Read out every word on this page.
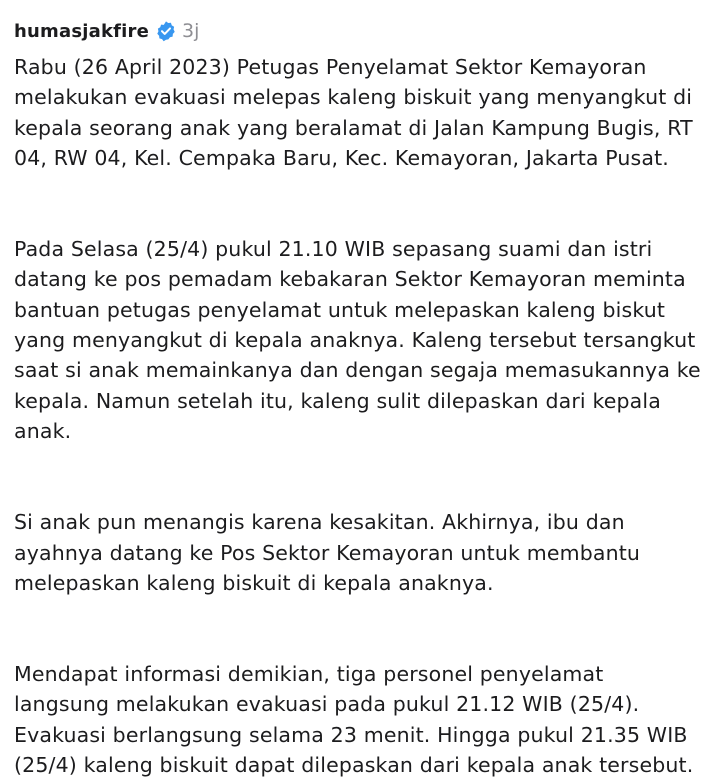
humasjakfire 3j

Rabu (26 April 2023) Petugas Penyelamat Sektor Kemayoran melakukan evakuasi melepas kaleng biskuit yang menyangkut di kepala seorang anak yang beralamat di Jalan Kampung Bugis, RT 04, RW 04, Kel. Cempaka Baru, Kec. Kemayoran, Jakarta Pusat.

Pada Selasa (25/4) pukul 21.10 WIB sepasang suami dan istri datang ke pos pemadam kebakaran Sektor Kemayoran meminta bantuan petugas penyelamat untuk melepaskan kaleng biskut yang menyangkut di kepala anaknya. Kaleng tersebut tersangkut saat si anak memainkanya dan dengan segaja memasukannya ke kepala. Namun setelah itu, kaleng sulit dilepaskan dari kepala anak.

Si anak pun menangis karena kesakitan. Akhirnya, ibu dan ayahnya datang ke Pos Sektor Kemayoran untuk membantu melepaskan kaleng biskuit di kepala anaknya.

Mendapat informasi demikian, tiga personel penyelamat langsung melakukan evakuasi pada pukul 21.12 WIB (25/4). Evakuasi berlangsung selama 23 menit. Hingga pukul 21.35 WIB (25/4) kaleng biskuit dapat dilepaskan dari kepala anak tersebut.
